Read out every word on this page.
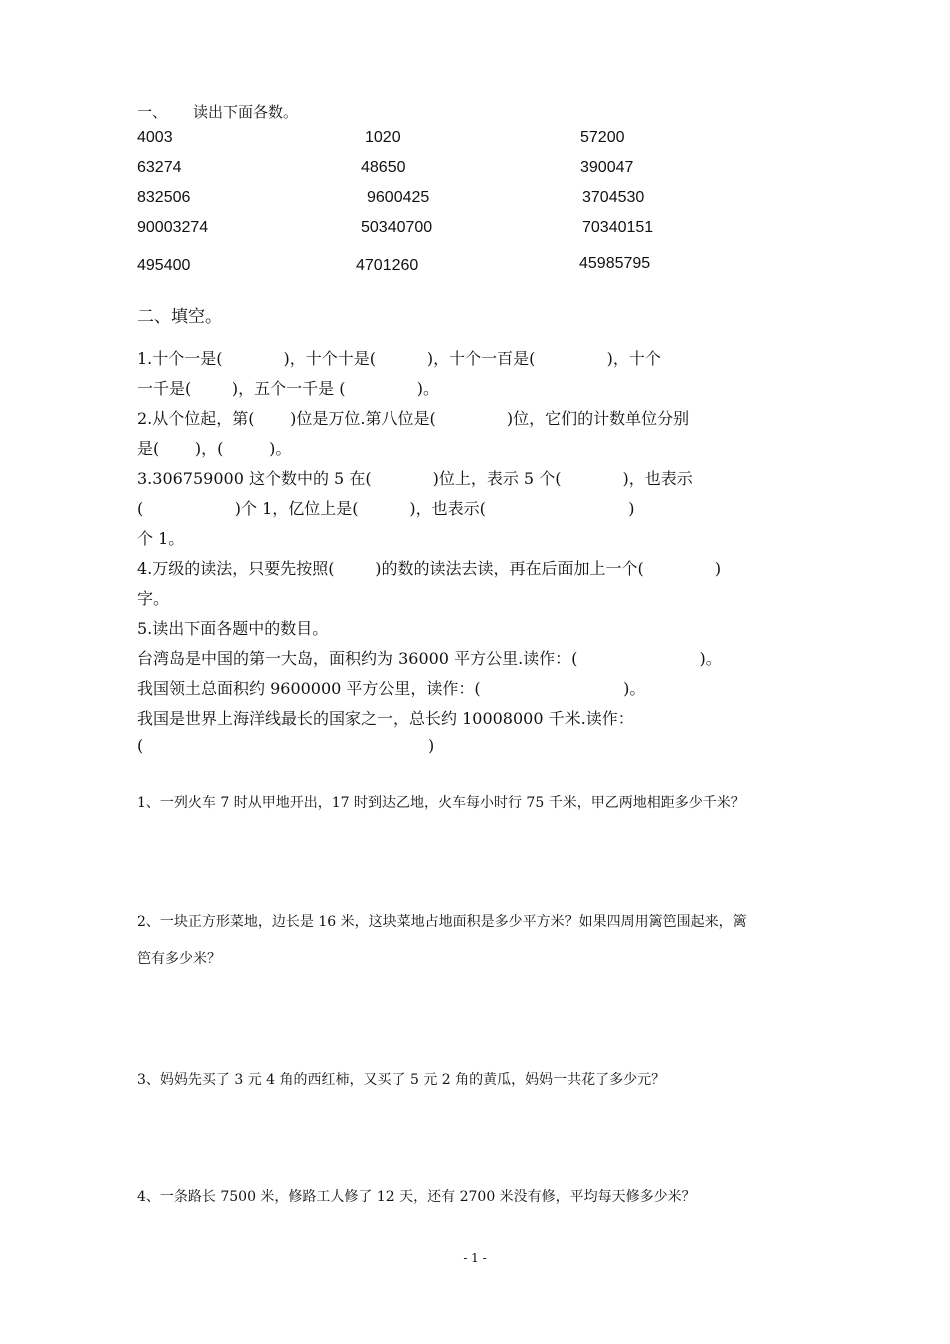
一、 读出下面各数。
4003	1020	57200
63274	48650	390047
832506	9600425	3704530
90003274	50340700	70340151
495400	4701260	45985795
二、填空。
1.十个一是(            )，十个十是(          )，十个一百是(              )，十个
一千是(        )，五个一千是 (              )。
2.从个位起，第(       )位是万位.第八位是(              )位，它们的计数单位分别
是(       )，(         )。
3.306759000 这个数中的 5 在(            )位上，表示 5 个(            )，也表示
(                  )个 1，亿位上是(          )，也表示(                            )
个 1。
4.万级的读法，只要先按照(        )的数的读法去读，再在后面加上一个(              )
字。
5.读出下面各题中的数目。
台湾岛是中国的第一大岛，面积约为 36000 平方公里.读作：(                        )。
我国领土总面积约 9600000 平方公里，读作：(                            )。
我国是世界上海洋线最长的国家之一，总长约 10008000 千米.读作：
(                                                        )
1、一列火车 7 时从甲地开出，17 时到达乙地，火车每小时行 75 千米，甲乙两地相距多少千米？
2、一块正方形菜地，边长是 16 米，这块菜地占地面积是多少平方米？如果四周用篱笆围起来，篱
笆有多少米？
3、妈妈先买了 3 元 4 角的西红柿，又买了 5 元 2 角的黄瓜，妈妈一共花了多少元？
4、一条路长 7500 米，修路工人修了 12 天，还有 2700 米没有修，平均每天修多少米？
- 1 -
